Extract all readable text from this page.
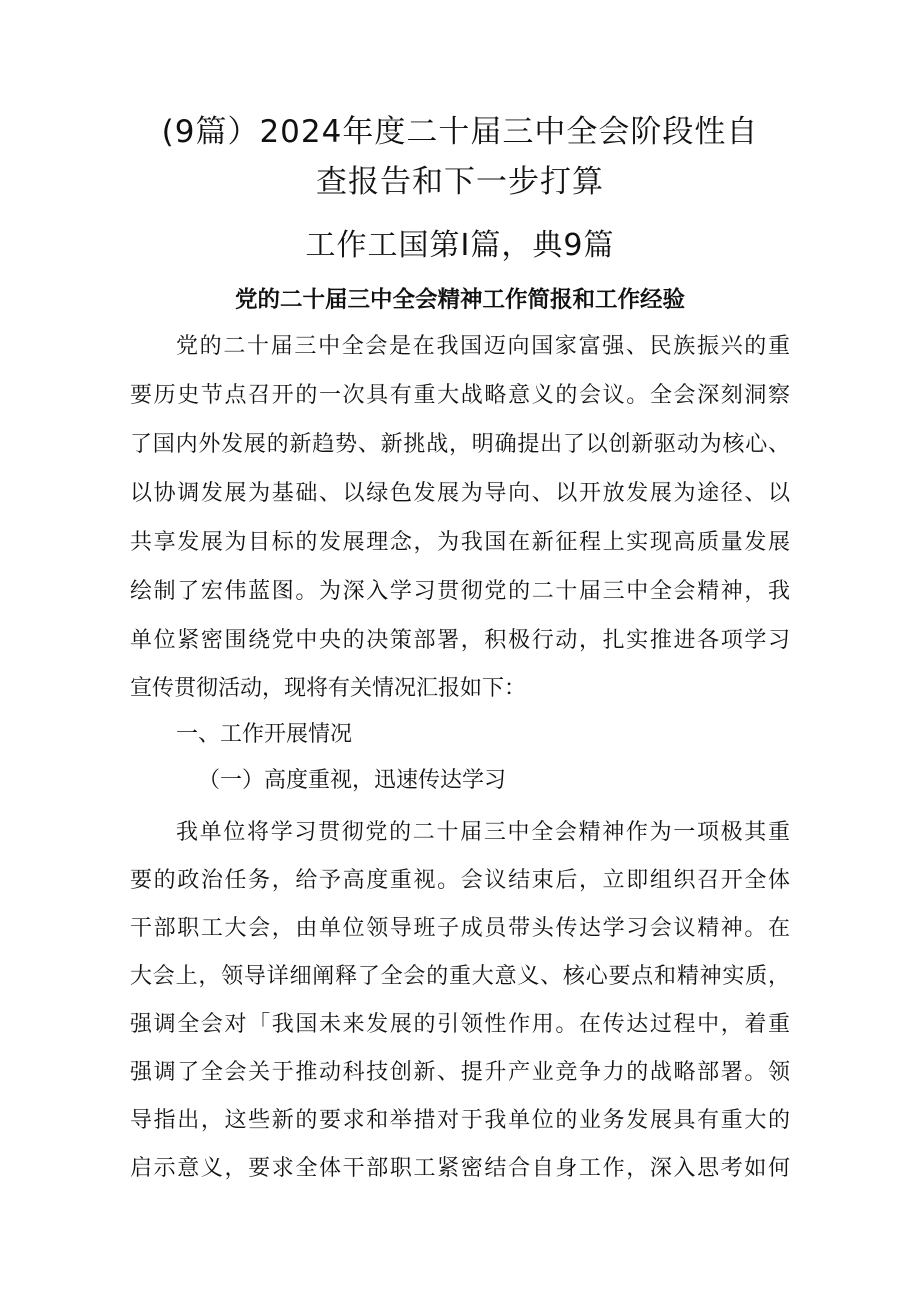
(9篇）2024年度二十届三中全会阶段性自
查报告和下一步打算
工作工国第I篇，典9篇
党的二十届三中全会精神工作简报和工作经验
党的二十届三中全会是在我国迈向国家富强、民族振兴的重
要历史节点召开的一次具有重大战略意义的会议。全会深刻洞察
了国内外发展的新趋势、新挑战，明确提出了以创新驱动为核心、
以协调发展为基础、以绿色发展为导向、以开放发展为途径、以
共享发展为目标的发展理念，为我国在新征程上实现高质量发展
绘制了宏伟蓝图。为深入学习贯彻党的二十届三中全会精神，我
单位紧密围绕党中央的决策部署，积极行动，扎实推进各项学习
宣传贯彻活动，现将有关情况汇报如下：
一、工作开展情况
（一）高度重视，迅速传达学习
我单位将学习贯彻党的二十届三中全会精神作为一项极其重
要的政治任务，给予高度重视。会议结束后，立即组织召开全体
干部职工大会，由单位领导班子成员带头传达学习会议精神。在
大会上，领导详细阐释了全会的重大意义、核心要点和精神实质，
强调全会对「我国未来发展的引领性作用。在传达过程中，着重
强调了全会关于推动科技创新、提升产业竞争力的战略部署。领
导指出，这些新的要求和举措对于我单位的业务发展具有重大的
启示意义，要求全体干部职工紧密结合自身工作，深入思考如何
